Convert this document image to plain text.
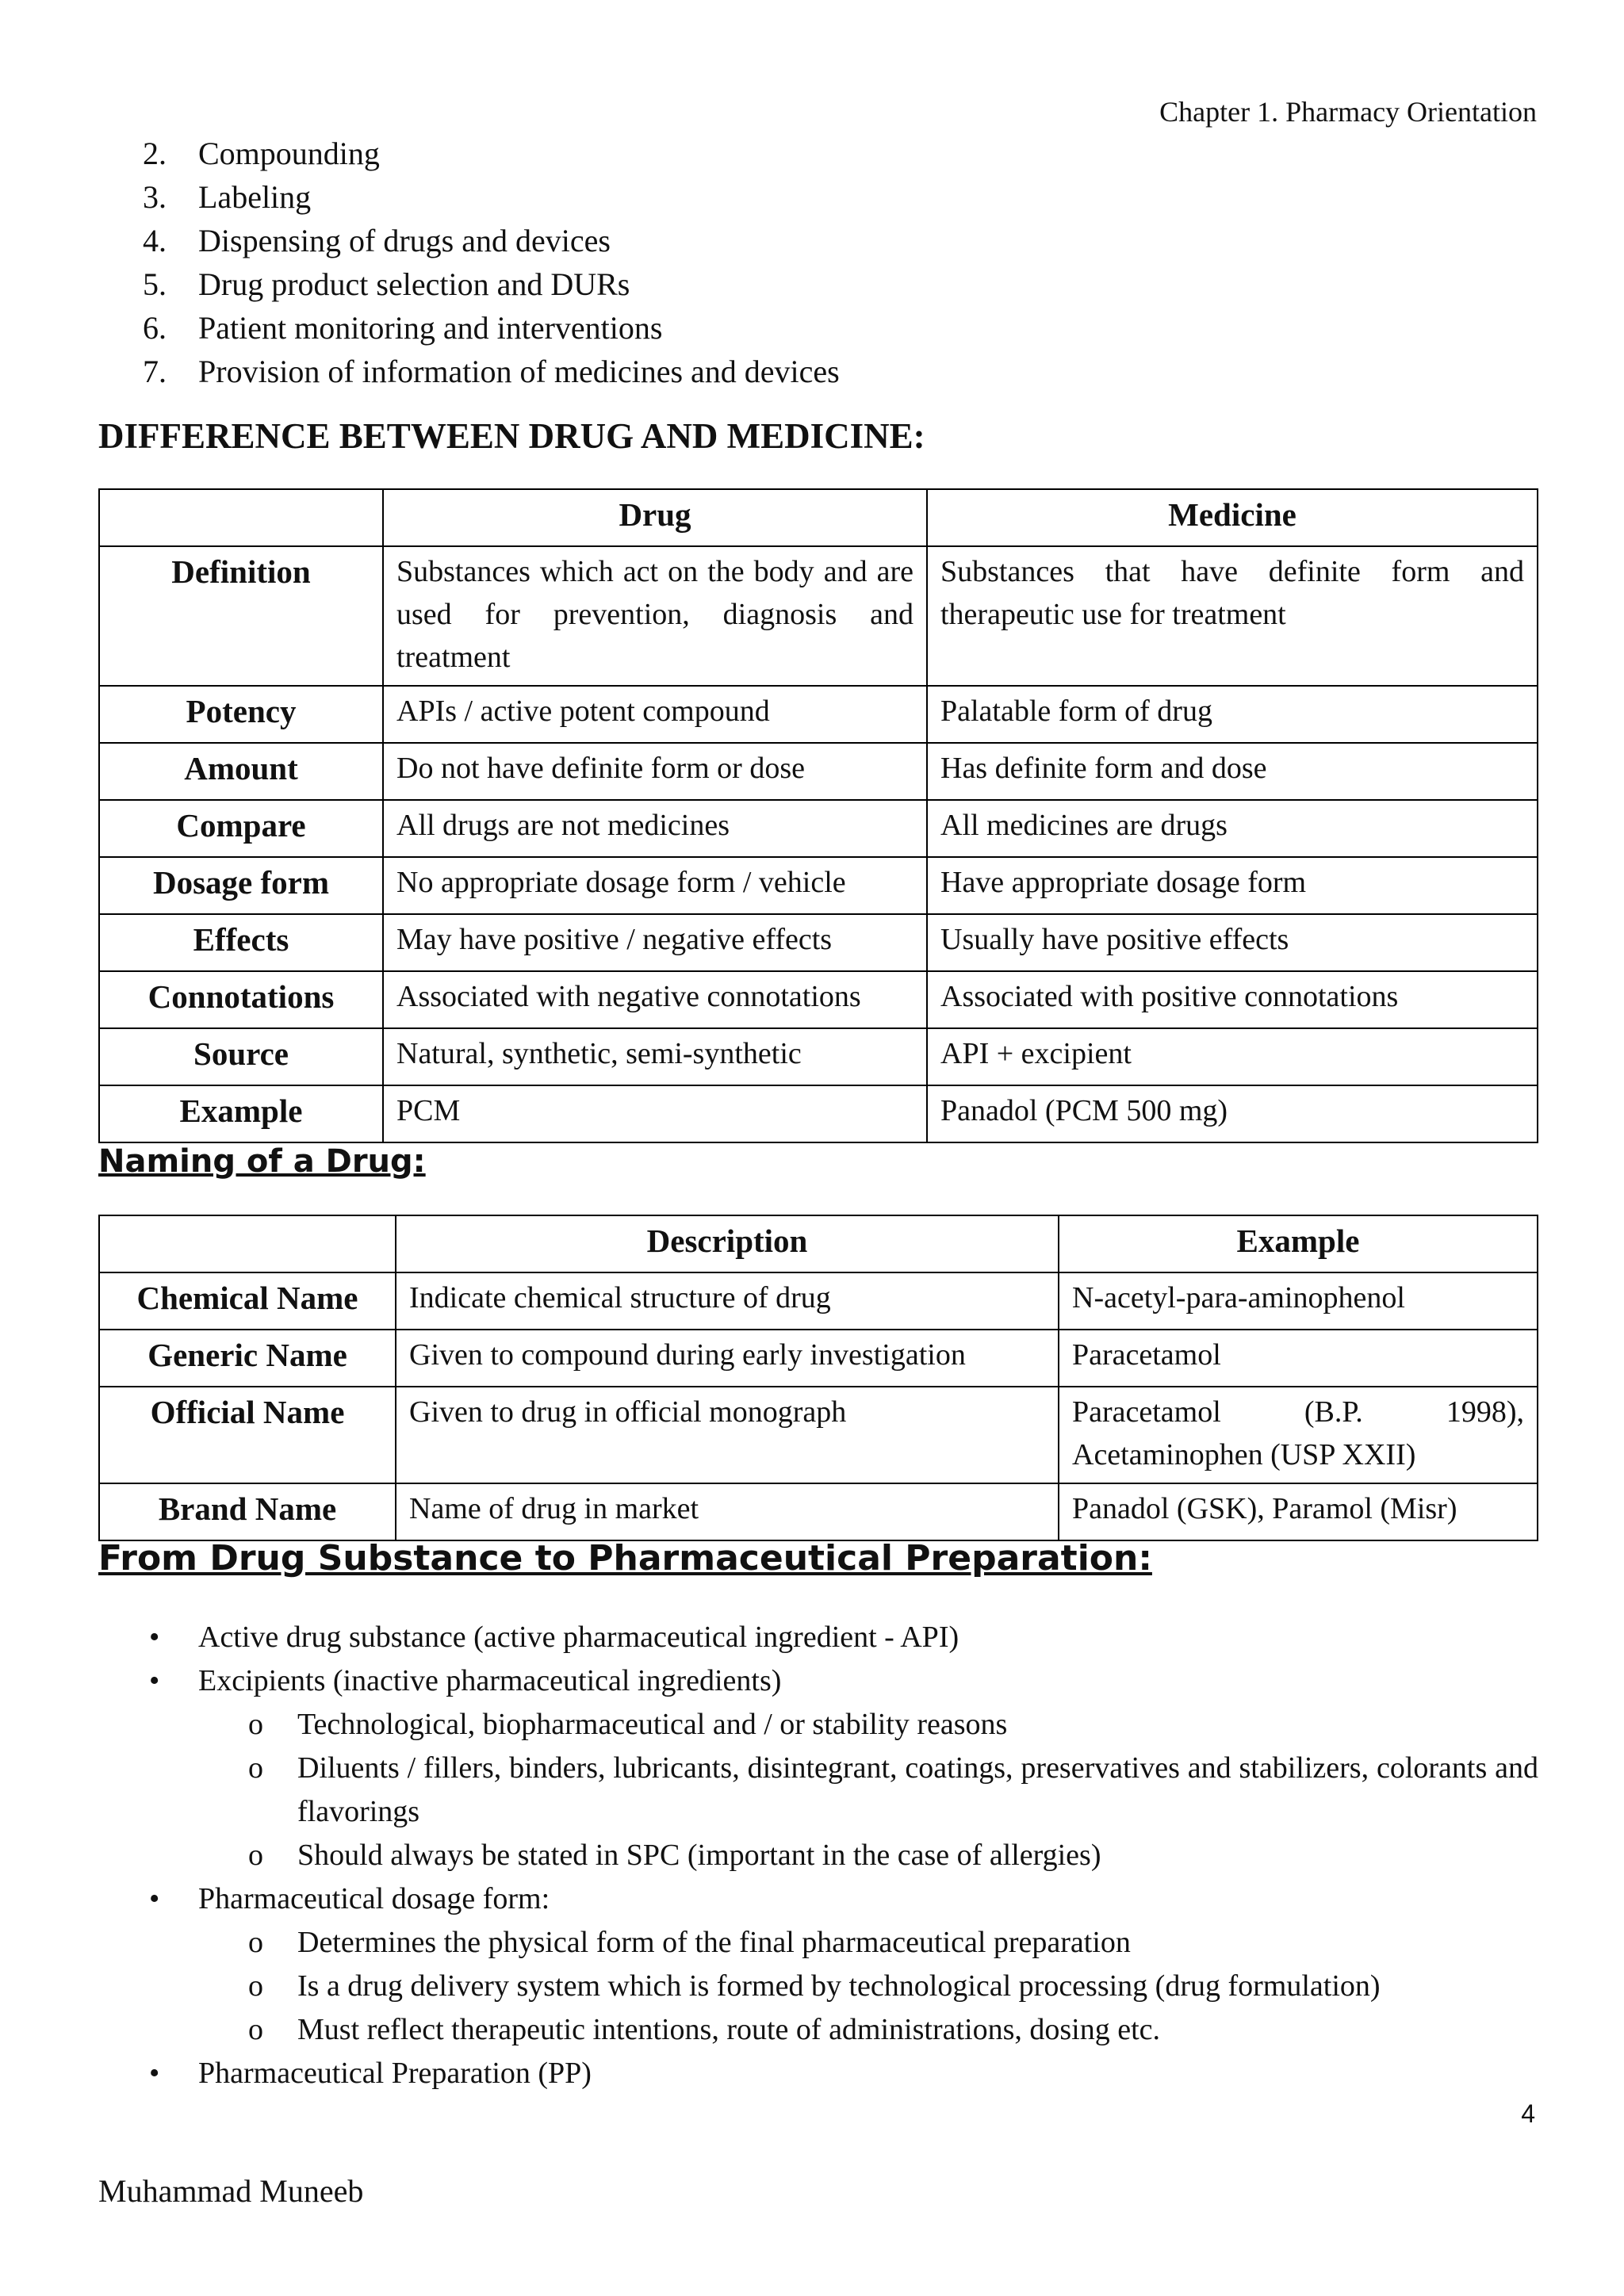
Chapter 1. Pharmacy Orientation
2. Compounding
3. Labeling
4. Dispensing of drugs and devices
5. Drug product selection and DURs
6. Patient monitoring and interventions
7. Provision of information of medicines and devices
DIFFERENCE BETWEEN DRUG AND MEDICINE:
	Drug	Medicine
Definition	Substances which act on the body and are used for prevention, diagnosis and treatment	Substances that have definite form and therapeutic use for treatment
Potency	APIs / active potent compound	Palatable form of drug
Amount	Do not have definite form or dose	Has definite form and dose
Compare	All drugs are not medicines	All medicines are drugs
Dosage form	No appropriate dosage form / vehicle	Have appropriate dosage form
Effects	May have positive / negative effects	Usually have positive effects
Connotations	Associated with negative connotations	Associated with positive connotations
Source	Natural, synthetic, semi-synthetic	API + excipient
Example	PCM	Panadol (PCM 500 mg)
Naming of a Drug:
	Description	Example
Chemical Name	Indicate chemical structure of drug	N-acetyl-para-aminophenol
Generic Name	Given to compound during early investigation	Paracetamol
Official Name	Given to drug in official monograph	Paracetamol (B.P. 1998), Acetaminophen (USP XXII)
Brand Name	Name of drug in market	Panadol (GSK), Paramol (Misr)
From Drug Substance to Pharmaceutical Preparation:
• Active drug substance (active pharmaceutical ingredient - API)
• Excipients (inactive pharmaceutical ingredients)
o Technological, biopharmaceutical and / or stability reasons
o Diluents / fillers, binders, lubricants, disintegrant, coatings, preservatives and stabilizers, colorants and flavorings
o Should always be stated in SPC (important in the case of allergies)
• Pharmaceutical dosage form:
o Determines the physical form of the final pharmaceutical preparation
o Is a drug delivery system which is formed by technological processing (drug formulation)
o Must reflect therapeutic intentions, route of administrations, dosing etc.
• Pharmaceutical Preparation (PP)
4
Muhammad Muneeb
